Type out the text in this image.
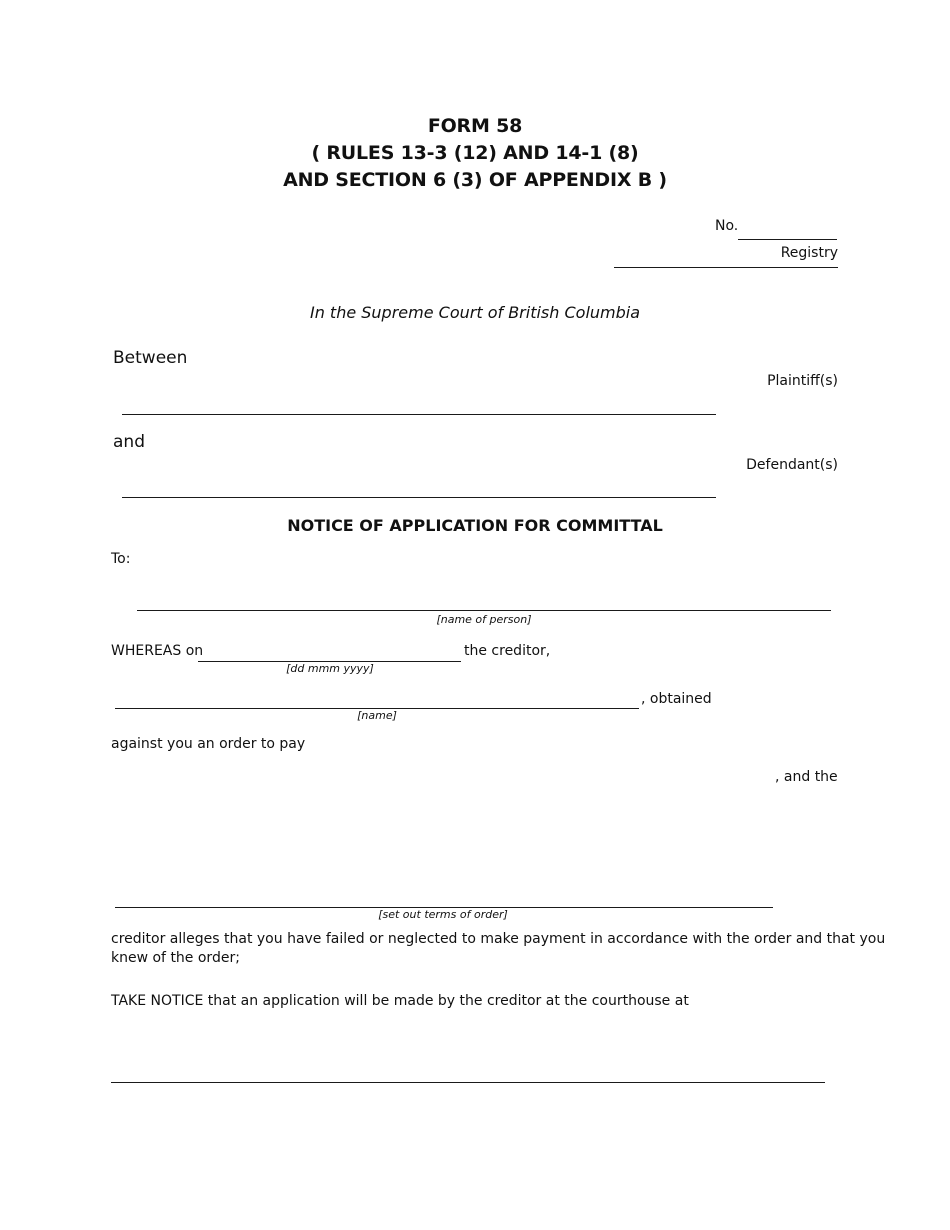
FORM 58
( RULES 13-3 (12) AND 14-1 (8)
AND SECTION 6 (3) OF APPENDIX B )
No.
Registry
In the Supreme Court of British Columbia
Between
Plaintiff(s)
and
Defendant(s)
NOTICE OF APPLICATION FOR COMMITTAL
To:
[name of person]
WHEREAS on
[dd mmm yyyy]
the creditor,
, obtained
[name]
against you an order to pay
, and the
[set out terms of order]
creditor alleges that you have failed or neglected to make payment in accordance with the order and that you
knew of the order;
TAKE NOTICE that an application will be made by the creditor at the courthouse at
